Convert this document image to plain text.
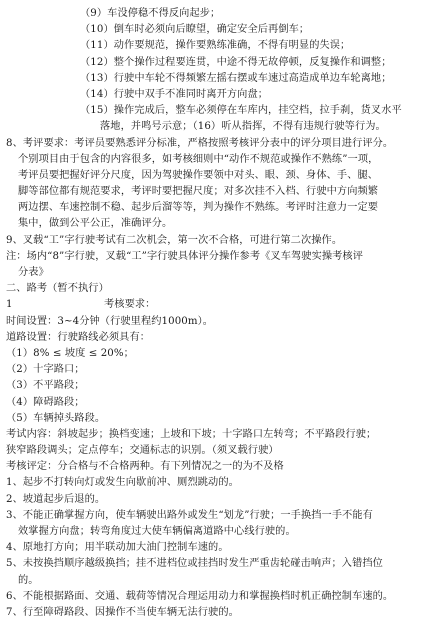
（9）车没停稳不得反向起步；
（10）倒车时必须向后瞭望，确定安全后再倒车；
（11）动作要规范，操作要熟练准确，不得有明显的失误；
（12）整个操作过程要连贯，中途不得无故停顿，反复操作和调整；
（13）行驶中车轮不得频繁左摇右摆或车速过高造成单边车轮离地；
（14）行驶中双手不准同时离开方向盘；
（15）操作完成后，整车必须停在车库内，挂空档，拉手刹，货叉水平
落地，并鸣号示意；（16）听从指挥，不得有违规行驶等行为。
8、考评要求：考评员要熟悉评分标准，严格按照考核评分表中的评分项目进行评分。
个别项目由于包含的内容很多，如考核细则中“动作不规范或操作不熟练”一项，
考评员要把握好评分尺度，因为驾驶操作要领中对头、眼、颈、身体、手、腿、
脚等部位都有规范要求，考评时要把握尺度；对多次挂不入档、行驶中方向频繁
两边摆、车速控制不稳、起步后溜等等，判为操作不熟练。考评时注意力一定要
集中，做到公平公正，准确评分。
9、叉载“工”字行驶考试有二次机会，第一次不合格，可进行第二次操作。
注：场内“8”字行驶，叉载“工”字行驶具体评分操作参考《叉车驾驶实操考核评
分表》
二、路考（暂不执行）
1	考核要求：
时间设置：3~4分钟（行驶里程约1000m）。
道路设置：行驶路线必须具有：
（1）8% ≤ 坡度 ≤ 20%；
（2）十字路口；
（3）不平路段；
（4）障碍路段；
（5）车辆掉头路段。
考试内容：斜坡起步；换档变速；上坡和下坡；十字路口左转弯；不平路段行驶；
狭窄路段调头；定点停车；交通标志的识别。（须叉载行驶）
考核评定：分合格与不合格两种。有下列情况之一的为不及格
1、起步不打转向灯或发生向歇前冲、厕烈跳动的。
2、坡道起步后退的。
3、不能正确掌握方向，使车辆驶出路外或发生“划龙”行驶；一手换挡一手不能有
效掌握方向盘；转弯角度过大使车辆偏离道路中心线行驶的。
4、原地打方向；用半联动加大油门控制车速的。
5、未按换挡顺序越级换挡；挂不进档位或挂挡时发生严重齿轮碰击响声；入错挡位
的。
6、不能根据路面、交通、载荷等情况合理运用动力和掌握换档时机正确控制车速的。
7、行至障碍路段、因操作不当使车辆无法行驶的。
